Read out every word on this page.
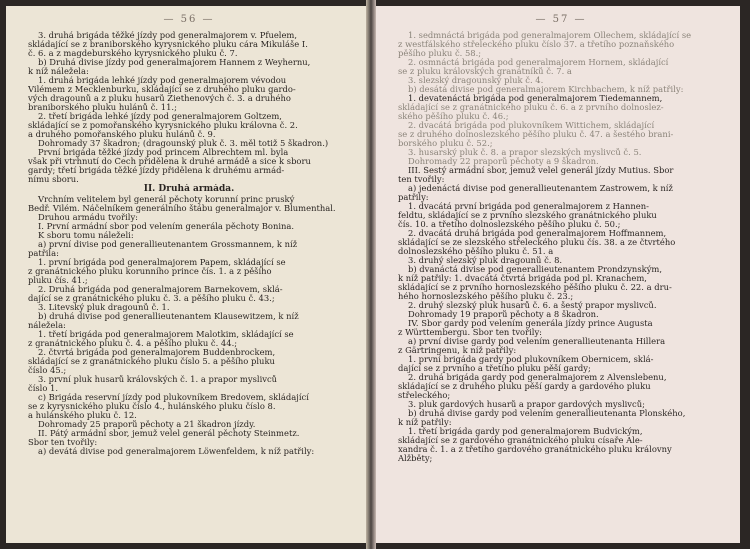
— 56 —
3. druhá brigáda těžké jízdy pod generalmajorem v. Pfuelem,
skládající se z braniborského kyrysnického pluku cára Mikuláše I.
č. 6. a z magdeburského kyrysnického pluku č. 7.
b) Druhá divise jízdy pod generalmajorem Hannem z Weyhernu,
k níž náležela:
1. druhá brigáda lehké jízdy pod generalmajorem vévodou
Vilémem z Mecklenburku, skládající se z druhého pluku gardo-
vých dragounů a z pluku husarů Ziethenových č. 3. a druhého
braniborského pluku hulánů č. 11.;
2. třetí brigáda lehké jízdy pod generalmajorem Goltzem,
skládající se z pomořanského kyrysnického pluku královna č. 2.
a druhého pomořanského pluku hulánů č. 9.
Dohromady 37 škadron; (dragounský pluk č. 3. měl totiž 5 škadron.)
První brigáda těžké jízdy pod princem Albrechtem ml. byla
však při vtrhnutí do Čech přidělena k druhé armádě a sice k sboru
gardy; třetí brigáda těžké jízdy přidělena k druhému armád-
nímu sboru.
II. Druhá armáda.
Vrchním velitelem byl generál pěchoty korunní princ pruský
Bedř. Vilém. Náčelníkem generálního štábu generalmajor v. Blumenthal.
Druhou armádu tvořily:
I. První armádní sbor pod velením generála pěchoty Bonina.
K sboru tomu náleželi:
a) první divise pod generallieutenantem Grossmannem, k níž
patřila:
1. první brigáda pod generalmajorem Papem, skládající se
z granátnického pluku korunního prince čís. 1. a z pěšího
pluku čís. 41.;
2. Druhá brigáda pod generalmajorem Barnekovem, sklá-
dající se z granátnického pluku č. 3. a pěšího pluku č. 43.;
3. Litevský pluk dragounů č. 1.
b) druhá divise pod generallieutenantem Klausewitzem, k níž
náležela:
1. třetí brigáda pod generalmajorem Malotkim, skládající se
z granátnického pluku č. 4. a pěšího pluku č. 44.;
2. čtvrtá brigáda pod generalmajorem Buddenbrockem,
skládající se z granátnického pluku číslo 5. a pěšího pluku
číslo 45.;
3. první pluk husarů královských č. 1. a prapor myslivců
číslo 1.
c) Brigáda reservní jízdy pod plukovníkem Bredovem, skládající
se z kyrysnického pluku číslo 4., hulánského pluku číslo 8.
a hulánského pluku č. 12.
Dohromady 25 praporů pěchoty a 21 škadron jízdy.
II. Pátý armádní sbor, jemuž velel generál pěchoty Steinmetz.
Sbor ten tvořily:
a) devátá divise pod generalmajorem Löwenfeldem, k níž patřily:
— 57 —
1. sedmnáctá brigáda pod generalmajorem Ollechem, skládající se
z westfálského střeleckého pluku číslo 37. a třetího poznaňského
pěšího pluku č. 58.;
2. osmnáctá brigáda pod generalmajorem Hornem, skládající
se z pluku královských granátníků č. 7. a
3. slezský dragounský pluk č. 4.
b) desátá divise pod generalmajorem Kirchbachem, k níž patřily:
1. devatenáctá brigáda pod generalmajorem Tiedemannem,
skládající se z granátnického pluku č. 6. a z prvního dolnoslez-
ského pěšího pluku č. 46.;
2. dvacátá brigáda pod plukovníkem Wittichem, skládající
se z druhého dolnoslezského pěšího pluku č. 47. a šestého brani-
borského pluku č. 52.;
3. husarský pluk č. 8. a prapor slezských myslivců č. 5.
Dohromady 22 praporů pěchoty a 9 škadron.
III. Šestý armádní sbor, jemuž velel generál jízdy Mutius. Sbor
ten tvořily:
a) jedenáctá divise pod generallieutenantem Zastrowem, k níž
patřily:
1. dvacátá první brigáda pod generalmajorem z Hannen-
feldtu, skládající se z prvního slezského granátnického pluku
čís. 10. a třetího dolnoslezského pěšího pluku č. 50.;
2. dvacátá druhá brigáda pod generalmajorem Hoffmannem,
skládající se ze slezského střeleckého pluku čís. 38. a ze čtvrtého
dolnoslezského pěšího pluku č. 51. a
3. druhý slezský pluk dragounů č. 8.
b) dvanáctá divise pod generallieutenantem Prondzynským,
k níž patřily: 1. dvacátá čtvrtá brigáda pod pl. Kranachem,
skládající se z prvního hornoslezského pěšího pluku č. 22. a dru-
hého hornoslezského pěšího pluku č. 23.;
2. druhý slezský pluk husarů č. 6. a šestý prapor myslivců.
Dohromady 19 praporů pěchoty a 8 škadron.
IV. Sbor gardy pod velením generála jízdy prince Augusta
z Württembergu. Sbor ten tvořily:
a) první divise gardy pod velením generallieutenanta Hillera
z Gärtringenu, k níž patřily:
1. první brigáda gardy pod plukovníkem Obernicem, sklá-
dající se z prvního a třetího pluku pěší gardy;
2. druhá brigáda gardy pod generalmajorem z Alvenslebenu,
skládající se z druhého pluku pěší gardy a gardového pluku
střeleckého;
3. pluk gardových husarů a prapor gardových myslivců;
b) druhá divise gardy pod velením generallieutenanta Plonského,
k níž patřily:
1. třetí brigáda gardy pod generalmajorem Budvickým,
skládající se z gardového granátnického pluku císaře Ale-
xandra č. 1. a z třetího gardového granátnického pluku královny
Alžběty;
